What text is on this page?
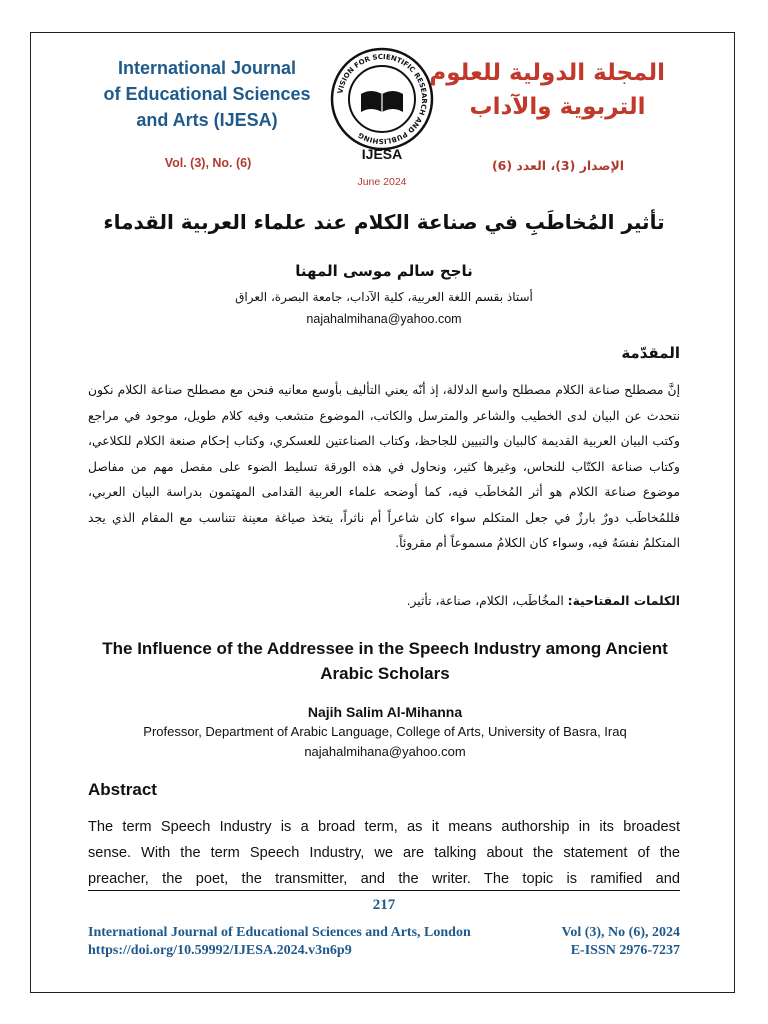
International Journal
of Educational Sciences
and Arts (IJESA)
Vol. (3), No. (6)
VISION FOR SCIENTIFIC RESEARCH AND PUBLISHING
IJESA
June 2024
المجلة الدولية للعلوم
التربوية والآداب
الإصدار (3)، العدد (6)
تأثير المُخاطَبِ في صناعة الكلام عند علماء العربية القدماء
ناجح سالم موسى المهنا
أستاذ بقسم اللغة العربية، كلية الآداب، جامعة البصرة، العراق
najahalmihana@yahoo.com
المقدّمة
إنَّ مصطلح صناعة الكلام مصطلح واسع الدلالة، إذ أنّه يعني التأليف بأوسع معانيه فنحن مع مصطلح صناعة الكلام نكون نتحدث عن البيان لدى الخطيب والشاعر والمترسل والكاتب، الموضوع متشعب وفيه كلام طويل، موجود في مراجع وكتب البيان العربية القديمة كالبيان والتبيين للجاحظ، وكتاب الصناعتين للعسكري، وكتاب إحكام صنعة الكلام للكلاعي، وكتاب صناعة الكتّاب للنحاس، وغيرها كثير، ونحاول في هذه الورقة تسليط الضوء على مفصل مهم من مفاصل موضوع صناعة الكلام هو أثر المُخاطَب فيه، كما أوضحه علماء العربية القدامى المهتمون بدراسة البيان العربي، فللمُخاطَب دورٌ بارزٌ في جعل المتكلم سواء كان شاعراً أم ناثراً، يتخذ صياغة معينة تتناسب مع المقام الذي يجد المتكلمُ نفسَهُ فيه، وسواء كان الكلامُ مسموعاً أم مقروئاً.
الكلمات المفتاحية: المخُاطَب، الكلام، صناعة، تأثير.
The Influence of the Addressee in the Speech Industry among Ancient Arabic Scholars
Najih Salim Al-Mihanna
Professor, Department of Arabic Language, College of Arts, University of Basra, Iraq
najahalmihana@yahoo.com
Abstract
The term Speech Industry is a broad term, as it means authorship in its broadest
sense. With the term Speech Industry, we are talking about the statement of the
preacher, the poet, the transmitter, and the writer. The topic is ramified and
217
International Journal of Educational Sciences and Arts, London
https://doi.org/10.59992/IJESA.2024.v3n6p9
Vol (3), No (6), 2024
E-ISSN 2976-7237
